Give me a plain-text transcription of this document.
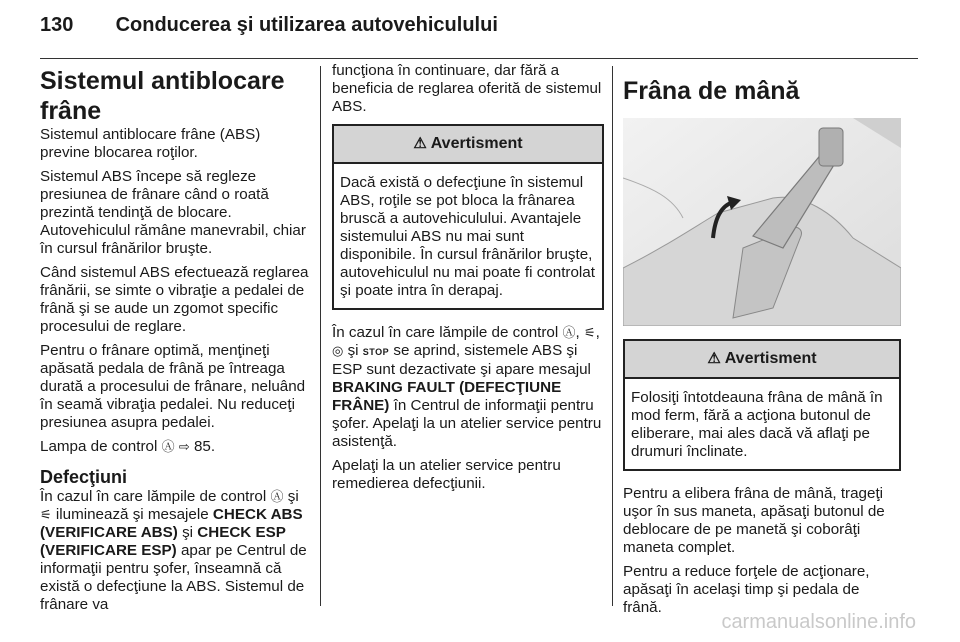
130 Conducerea şi utilizarea autovehiculului
Sistemul antiblocare frâne

Sistemul antiblocare frâne (ABS) previne blocarea roţilor.

Sistemul ABS începe să regleze presiunea de frânare când o roată prezintă tendinţă de blocare. Autovehiculul rămâne manevrabil, chiar în cursul frânărilor bruşte.

Când sistemul ABS efectuează reglarea frânării, se simte o vibraţie a pedalei de frână şi se aude un zgomot specific procesului de reglare.

Pentru o frânare optimă, menţineţi apăsată pedala de frână pe întreaga durată a procesului de frânare, neluând în seamă vibraţia pedalei. Nu reduceţi presiunea asupra pedalei.

Lampa de control Ⓐ ⇨ 85.

Defecţiuni

În cazul în care lămpile de control Ⓐ şi ⚟ iluminează şi mesajele CHECK ABS (VERIFICARE ABS) şi CHECK ESP (VERIFICARE ESP) apar pe Centrul de informaţii pentru şofer, înseamnă că există o defecţiune la ABS. Sistemul de frânare va

funcţiona în continuare, dar fără a beneficia de reglarea oferită de sistemul ABS.

⚠ Avertisment
Dacă există o defecţiune în sistemul ABS, roţile se pot bloca la frânarea bruscă a autovehiculului. Avantajele sistemului ABS nu mai sunt disponibile. În cursul frânărilor bruşte, autovehiculul nu mai poate fi controlat şi poate intra în derapaj.

În cazul în care lămpile de control Ⓐ, ⚟, ◎ şi STOP se aprind, sistemele ABS şi ESP sunt dezactivate şi apare mesajul BRAKING FAULT (DEFECŢIUNE FRÂNE) în Centrul de informaţii pentru şofer. Apelaţi la un atelier service pentru asistenţă.

Apelaţi la un atelier service pentru remedierea defecţiunii.

Frâna de mână
⚠ Avertisment
Folosiţi întotdeauna frâna de mână în mod ferm, fără a acţiona butonul de eliberare, mai ales dacă vă aflaţi pe drumuri înclinate.

Pentru a elibera frâna de mână, trageţi uşor în sus maneta, apăsaţi butonul de deblocare de pe manetă şi coborâţi maneta complet.

Pentru a reduce forţele de acţionare, apăsaţi în acelaşi timp şi pedala de frână.

carmanualsonline.info
